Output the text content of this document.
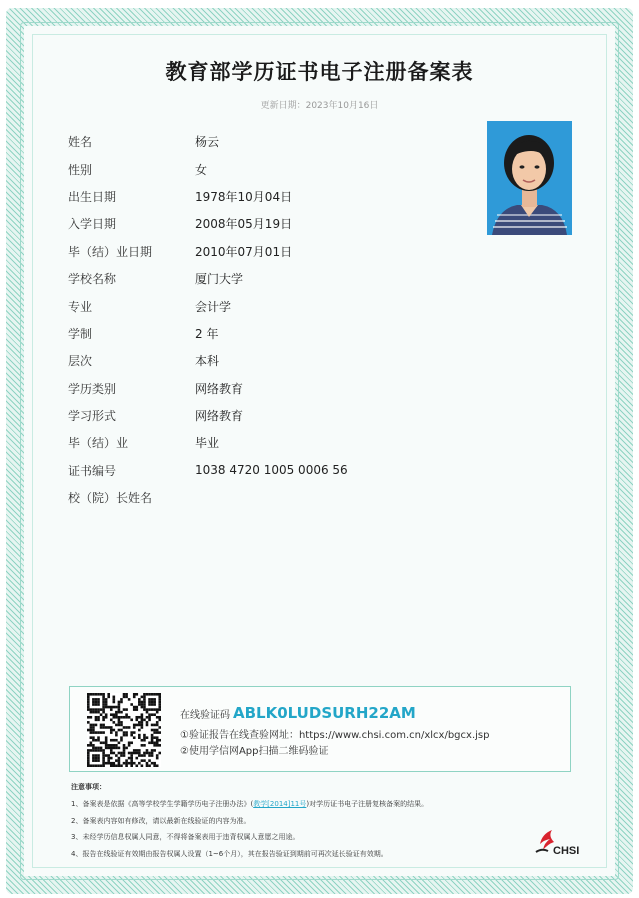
教育部学历证书电子注册备案表
更新日期：2023年10月16日
姓名	杨云
性别	女
出生日期	1978年10月04日
入学日期	2008年05月19日
毕（结）业日期	2010年07月01日
学校名称	厦门大学
专业	会计学
学制	2 年
层次	本科
学历类别	网络教育
学习形式	网络教育
毕（结）业	毕业
证书编号	1038 4720 1005 0006 56
校（院）长姓名
在线验证码 ABLK0LUDSURH22AM
①验证报告在线查验网址：https://www.chsi.com.cn/xlcx/bgcx.jsp
②使用学信网App扫描二维码验证
注意事项：
1、备案表是依据《高等学校学生学籍学历电子注册办法》(教学[2014]11号)对学历证书电子注册复核备案的结果。
2、备案表内容如有修改，请以最新在线验证的内容为准。
3、未经学历信息权属人同意，不得将备案表用于违背权属人意愿之用途。
4、报告在线验证有效期由报告权属人设置（1~6个月），其在报告验证到期前可再次延长验证有效期。	CHSI
